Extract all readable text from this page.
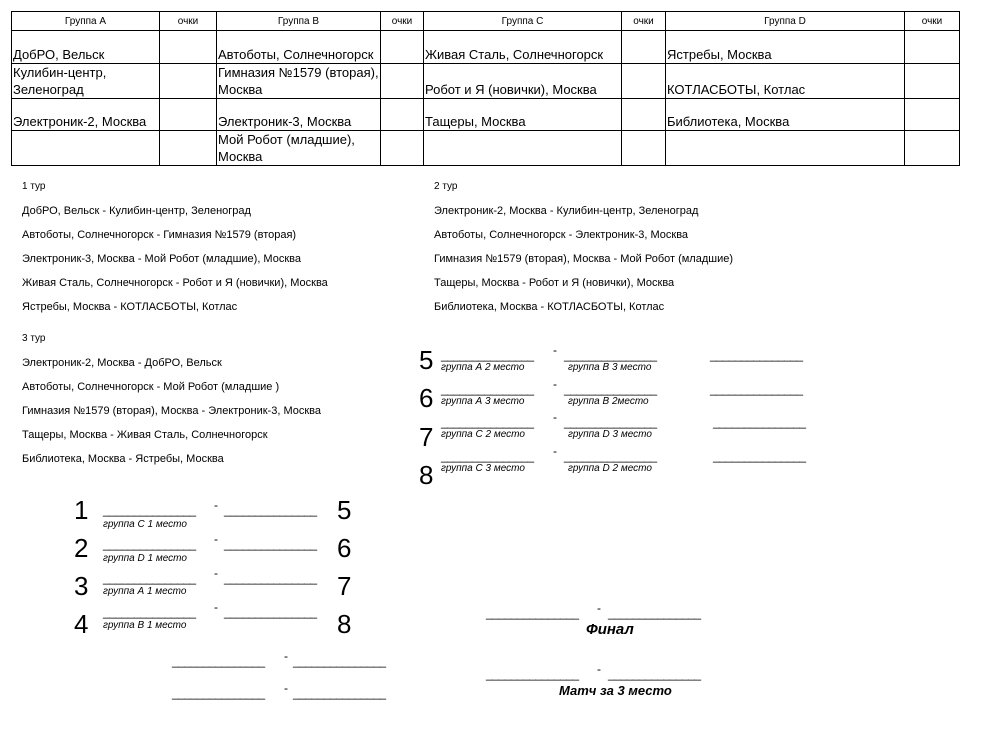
Группа A	очки	Группа B	очки	Группа C	очки	Группа D	очки
ДобРО, Вельск		Автоботы, Солнечногорск		Живая Сталь, Солнечногорск		Ястребы, Москва	
Кулибин-центр, Зеленоград		Гимназия №1579 (вторая), Москва		Робот и Я (новички), Москва		КОТЛАСБОТЫ, Котлас	
Электроник-2, Москва		Электроник-3, Москва		Тащеры, Москва		Библиотека, Москва	
		Мой Робот (младшие), Москва					
1 тур
ДобРО, Вельск - Кулибин-центр, Зеленоград
Автоботы, Солнечногорск - Гимназия №1579 (вторая)
Электроник-3, Москва - Мой Робот (младшие), Москва
Живая Сталь, Солнечногорск - Робот и Я (новички), Москва
Ястребы, Москва - КОТЛАСБОТЫ, Котлас
2 тур
Электроник-2, Москва - Кулибин-центр, Зеленоград
Автоботы, Солнечногорск - Электроник-3, Москва
Гимназия №1579 (вторая), Москва - Мой Робот (младшие)
Тащеры, Москва - Робот и Я (новички), Москва
Библиотека, Москва - КОТЛАСБОТЫ, Котлас
3 тур
Электроник-2, Москва - ДобРО, Вельск
Автоботы, Солнечногорск - Мой Робот (младшие )
Гимназия №1579 (вторая), Москва - Электроник-3, Москва
Тащеры, Москва - Живая Сталь, Солнечногорск
Библиотека, Москва - Ястребы, Москва
5 _______________ - _______________	_______________
группа А 2 место	группа В 3 место
6 _______________ - _______________	_______________
группа А 3 место	группа В 2место
7 _______________ - _______________	_______________
группа С 2 место	группа D 3 место
8
_______________ - _______________	_______________
группа С 3 место	группа D 2 место
1 _______________ - _______________ 5
группа С 1 место
2 _______________ - _______________ 6
группа D 1 место
3 _______________ - _______________ 7
группа А 1 место
4 _______________ - _______________ 8
группа В 1 место
_______________ - _______________
_______________ - _______________
_______________ - _______________
Финал
_______________ - _______________
Матч за 3 место
